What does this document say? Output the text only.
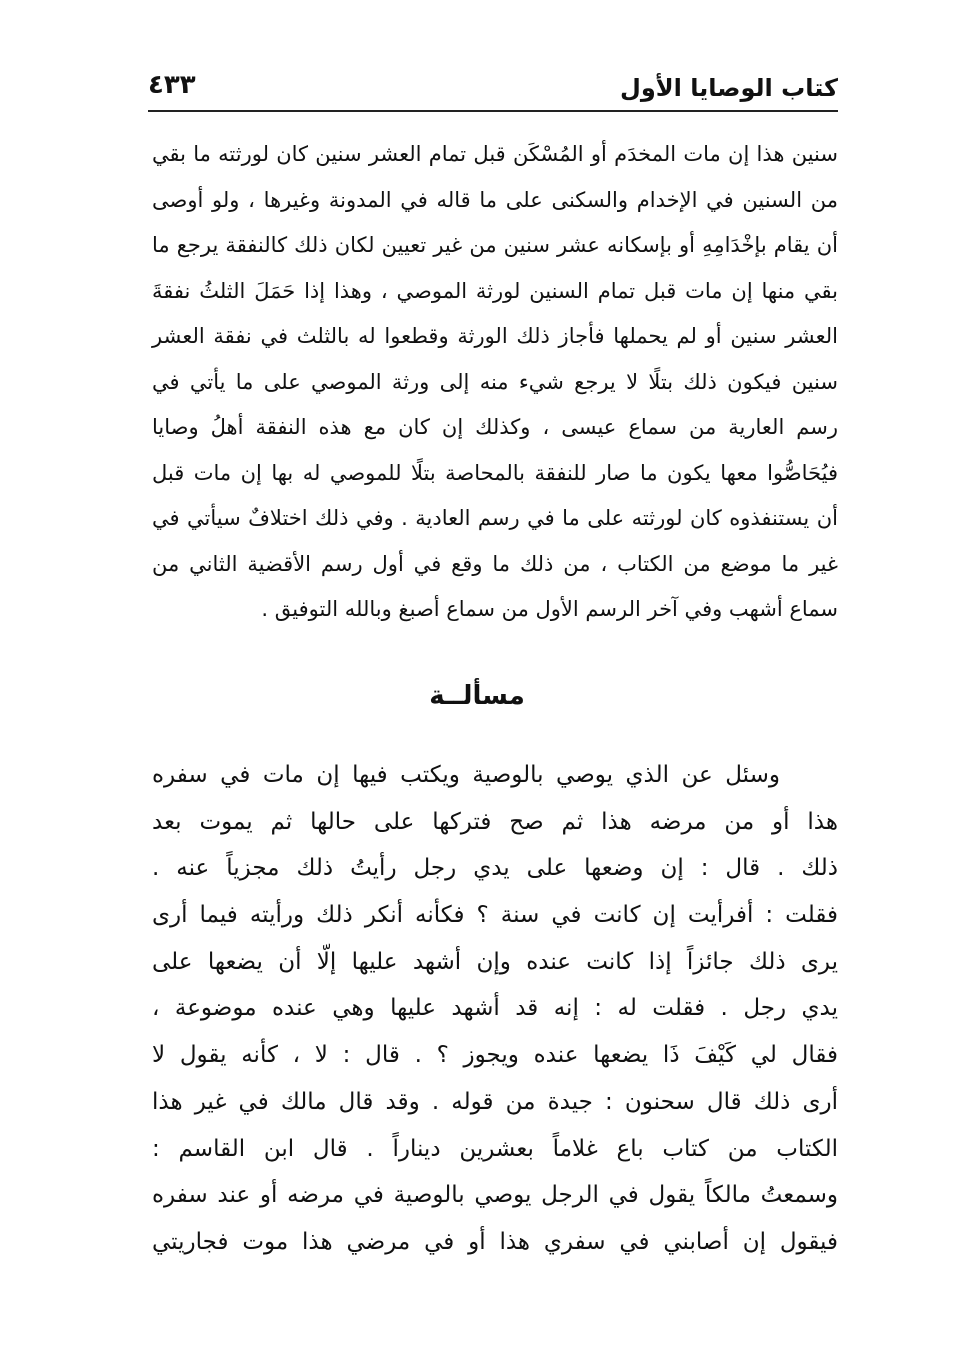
كتاب الوصايا الأول
٤٣٣
سنين هذا إن مات المخدَم أو المُسْكَن قبل تمام العشر سنين كان لورثته ما بقي
من السنين في الإخدام والسكنى على ما قاله في المدونة وغيرها ، ولو أوصى
أن يقام بإخْدَامِهِ أو بإسكانه عشر سنين من غير تعيين لكان ذلك كالنفقة يرجع ما
بقي منها إن مات قبل تمام السنين لورثة الموصي ، وهذا إذا حَمَلَ الثلثُ نفقةَ
العشر سنين أو لم يحملها فأجاز ذلك الورثة وقطعوا له بالثلث في نفقة العشر
سنين فيكون ذلك بتلًا لا يرجع شيء منه إلى ورثة الموصي على ما يأتي في
رسم العارية من سماع عيسى ، وكذلك إن كان مع هذه النفقة أهلُ وصايا
فيُحَاصُّوا معها يكون ما صار للنفقة بالمحاصة بتلًا للموصي له بها إن مات قبل
أن يستنفذوه كان لورثته على ما في رسم العادية . وفي ذلك اختلافٌ سيأتي في
غير ما موضع من الكتاب ، من ذلك ما وقع في أول رسم الأقضية الثاني من
سماع أشهب وفي آخر الرسم الأول من سماع أصبغ وبالله التوفيق .
مسألــة
وسئل عن الذي يوصي بالوصية ويكتب فيها إن مات في سفره
هذا أو من مرضه هذا ثم صح فتركها على حالها ثم يموت بعد
ذلك . قال : إن وضعها على يدي رجل رأيتُ ذلك مجزياً عنه .
فقلت : أفرأيت إن كانت في سنة ؟ فكأنه أنكر ذلك ورأيته فيما أرى
يرى ذلك جائزاً إذا كانت عنده وإن أشهد عليها إلّا أن يضعها على
يدي رجل . فقلت له : إنه قد أشهد عليها وهي عنده موضوعة ،
فقال لي كَيْفَ ذَا يضعها عنده ويجوز ؟ . قال : لا ، كأنه يقول لا
أرى ذلك قال سحنون : جيدة من قوله . وقد قال مالك في غير هذا
الكتاب من كتاب باع غلاماً بعشرين ديناراً . قال ابن القاسم :
وسمعتُ مالكاً يقول في الرجل يوصي بالوصية في مرضه أو عند سفره
فيقول إن أصابني في سفري هذا أو في مرضي هذا موت فجاريتي
